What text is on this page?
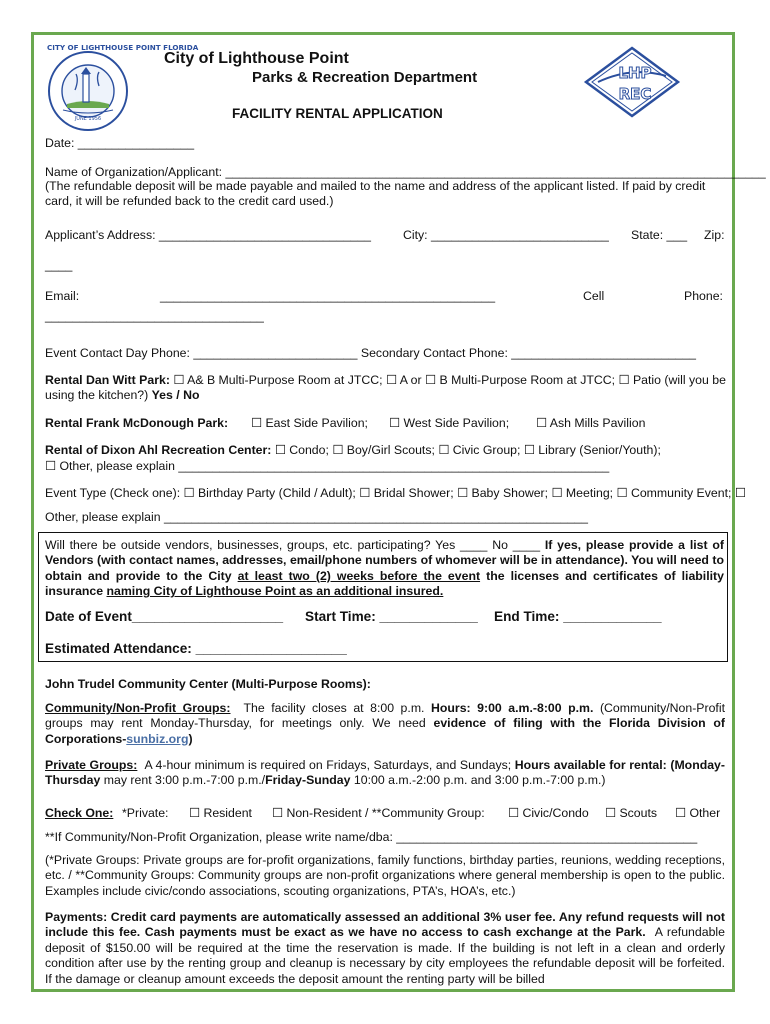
CITY OF LIGHTHOUSE POINT FLORIDA
JUNE 1956
LHP
REC
City of Lighthouse Point
Parks & Recreation Department
FACILITY RENTAL APPLICATION
Date: _________________
Name of Organization/Applicant: _______________________________________________________________________________
(The refundable deposit will be made payable and mailed to the name and address of the applicant listed. If paid by credit card, it will be refunded back to the credit card used.)
Applicant’s Address: _______________________________	City: __________________________ State: ___ Zip:
____
Email:	_________________________________________________	Cell	Phone:
________________________________
Event Contact Day Phone: ________________________ Secondary Contact Phone: ___________________________
Rental Dan Witt Park: ☐ A& B Multi-Purpose Room at JTCC; ☐ A or ☐ B Multi-Purpose Room at JTCC; ☐ Patio (will you be using the kitchen?) Yes / No
Rental Frank McDonough Park: ☐ East Side Pavilion; ☐ West Side Pavilion; ☐ Ash Mills Pavilion
Rental of Dixon Ahl Recreation Center: ☐ Condo; ☐ Boy/Girl Scouts; ☐ Civic Group; ☐ Library (Senior/Youth);
☐ Other, please explain _______________________________________________________________
Event Type (Check one): ☐ Birthday Party (Child / Adult); ☐ Bridal Shower; ☐ Baby Shower; ☐ Meeting; ☐ Community Event; ☐
Other, please explain ______________________________________________________________
Will there be outside vendors, businesses, groups, etc. participating? Yes ____ No ____ If yes, please provide a list of Vendors (with contact names, addresses, email/phone numbers of whomever will be in attendance). You will need to obtain and provide to the City at least two (2) weeks before the event the licenses and certificates of liability insurance naming City of Lighthouse Point as an additional insured.
Date of Event____________________ Start Time: _____________ End Time: _____________
Estimated Attendance: ____________________
John Trudel Community Center (Multi-Purpose Rooms):
Community/Non-Profit Groups: The facility closes at 8:00 p.m. Hours: 9:00 a.m.-8:00 p.m. (Community/Non-Profit groups may rent Monday-Thursday, for meetings only. We need evidence of filing with the Florida Division of Corporations-sunbiz.org)
Private Groups: A 4-hour minimum is required on Fridays, Saturdays, and Sundays; Hours available for rental: (Monday-Thursday may rent 3:00 p.m.-7:00 p.m./Friday-Sunday 10:00 a.m.-2:00 p.m. and 3:00 p.m.-7:00 p.m.)
Check One: *Private: ☐ Resident ☐ Non-Resident / **Community Group: ☐ Civic/Condo ☐ Scouts ☐ Other
**If Community/Non-Profit Organization, please write name/dba: ____________________________________________
(*Private Groups: Private groups are for-profit organizations, family functions, birthday parties, reunions, wedding receptions, etc. / **Community Groups: Community groups are non-profit organizations where general membership is open to the public. Examples include civic/condo associations, scouting organizations, PTA’s, HOA’s, etc.)
Payments: Credit card payments are automatically assessed an additional 3% user fee. Any refund requests will not include this fee. Cash payments must be exact as we have no access to cash exchange at the Park. A refundable deposit of $150.00 will be required at the time the reservation is made. If the building is not left in a clean and orderly condition after use by the renting group and cleanup is necessary by city employees the refundable deposit will be forfeited. If the damage or cleanup amount exceeds the deposit amount the renting party will be billed
